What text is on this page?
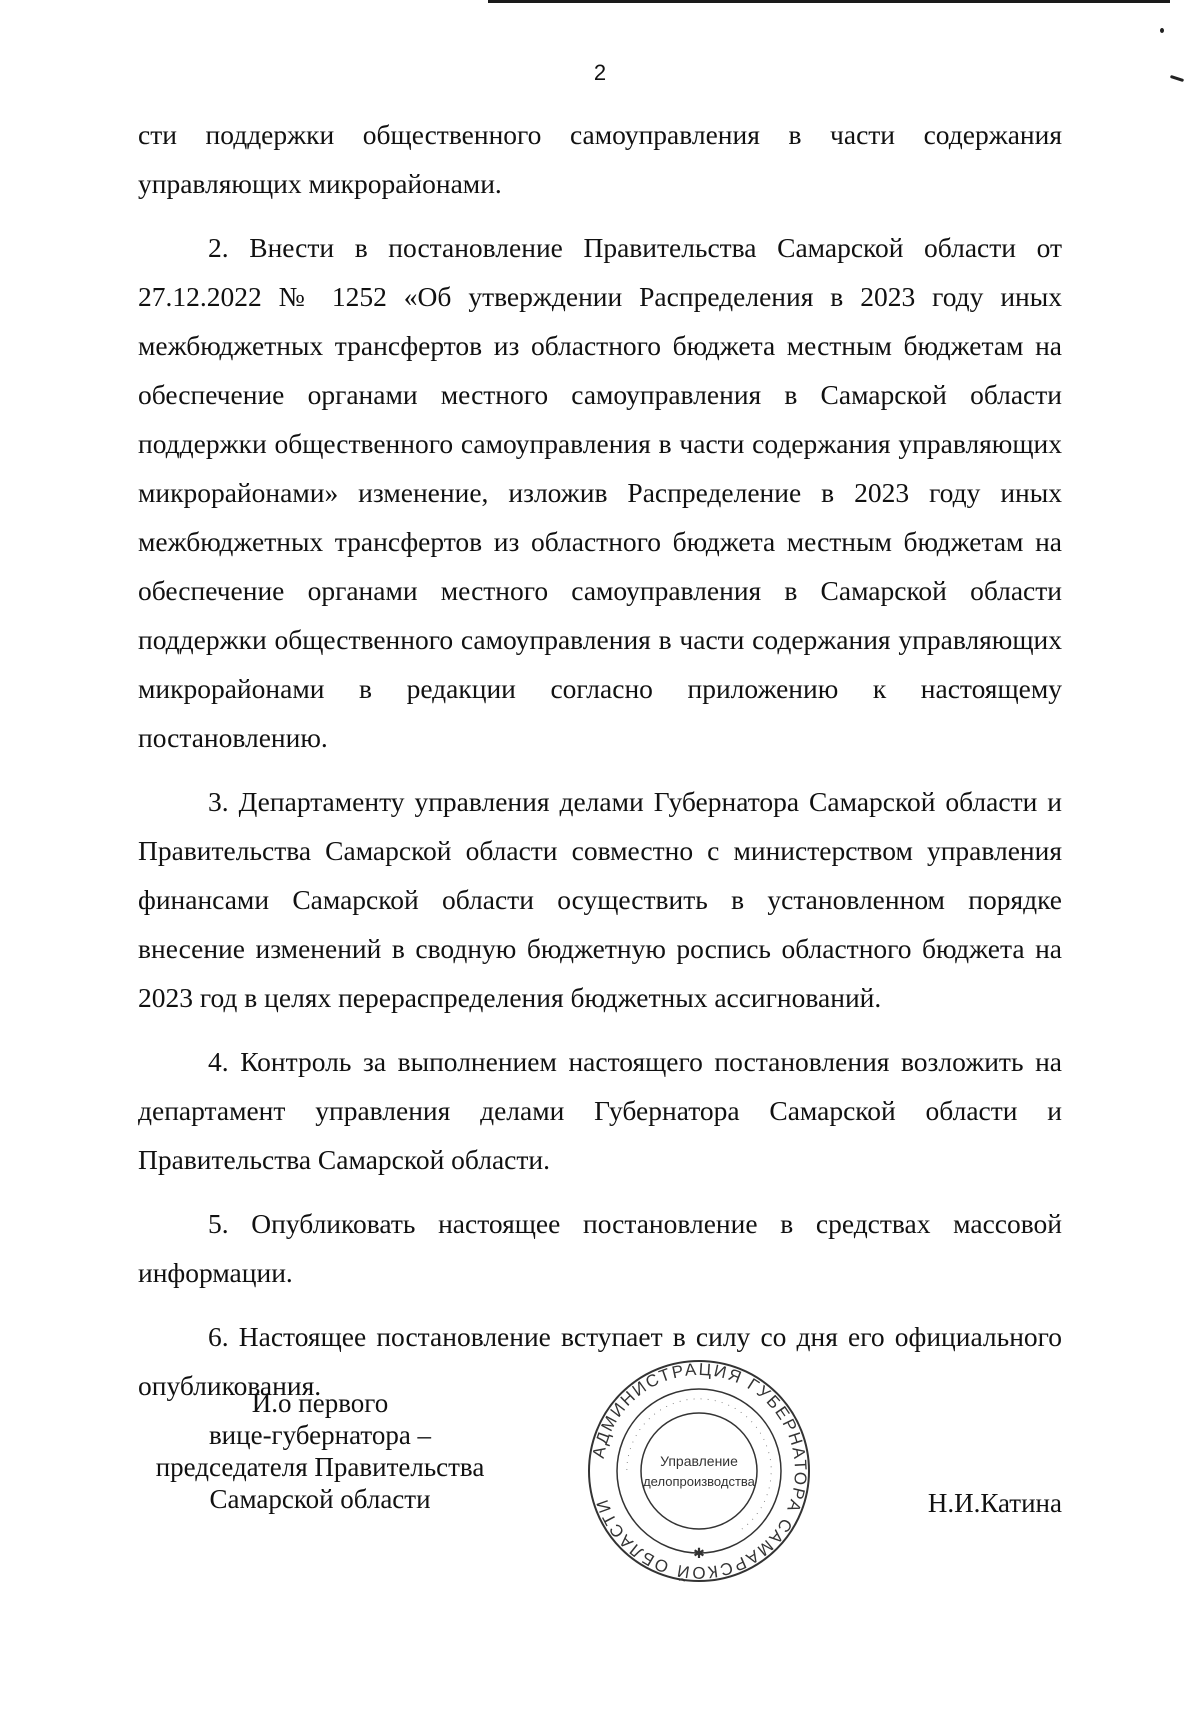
2

сти поддержки общественного самоуправления в части содержания управляющих микрорайонами.

2. Внести в постановление Правительства Самарской области от 27.12.2022 № 1252 «Об утверждении Распределения в 2023 году иных межбюджетных трансфертов из областного бюджета местным бюджетам на обеспечение органами местного самоуправления в Самарской области поддержки общественного самоуправления в части содержания управляющих микрорайонами» изменение, изложив Распределение в 2023 году иных межбюджетных трансфертов из областного бюджета местным бюджетам на обеспечение органами местного самоуправления в Самарской области поддержки общественного самоуправления в части содержания управляющих микрорайонами в редакции согласно приложению к настоящему постановлению.

3. Департаменту управления делами Губернатора Самарской области и Правительства Самарской области совместно с министерством управления финансами Самарской области осуществить в установленном порядке внесение изменений в сводную бюджетную роспись областного бюджета на 2023 год в целях перераспределения бюджетных ассигнований.

4. Контроль за выполнением настоящего постановления возложить на департамент управления делами Губернатора Самарской области и Правительства Самарской области.

5. Опубликовать настоящее постановление в средствах массовой информации.

6. Настоящее постановление вступает в силу со дня его официального опубликования.

И.о первого
вице-губернатора –
председателя Правительства
Самарской области	Н.И.Катина
АДМИНИСТРАЦИЯ ГУБЕРНАТОРА САМАРСКОЙ ОБЛАСТИ
· · · · · · · · · · · · · · · · · · · · · · · · · · · · · · · · · · · · · · · · · ·
Управление
делопроизводства
✱
